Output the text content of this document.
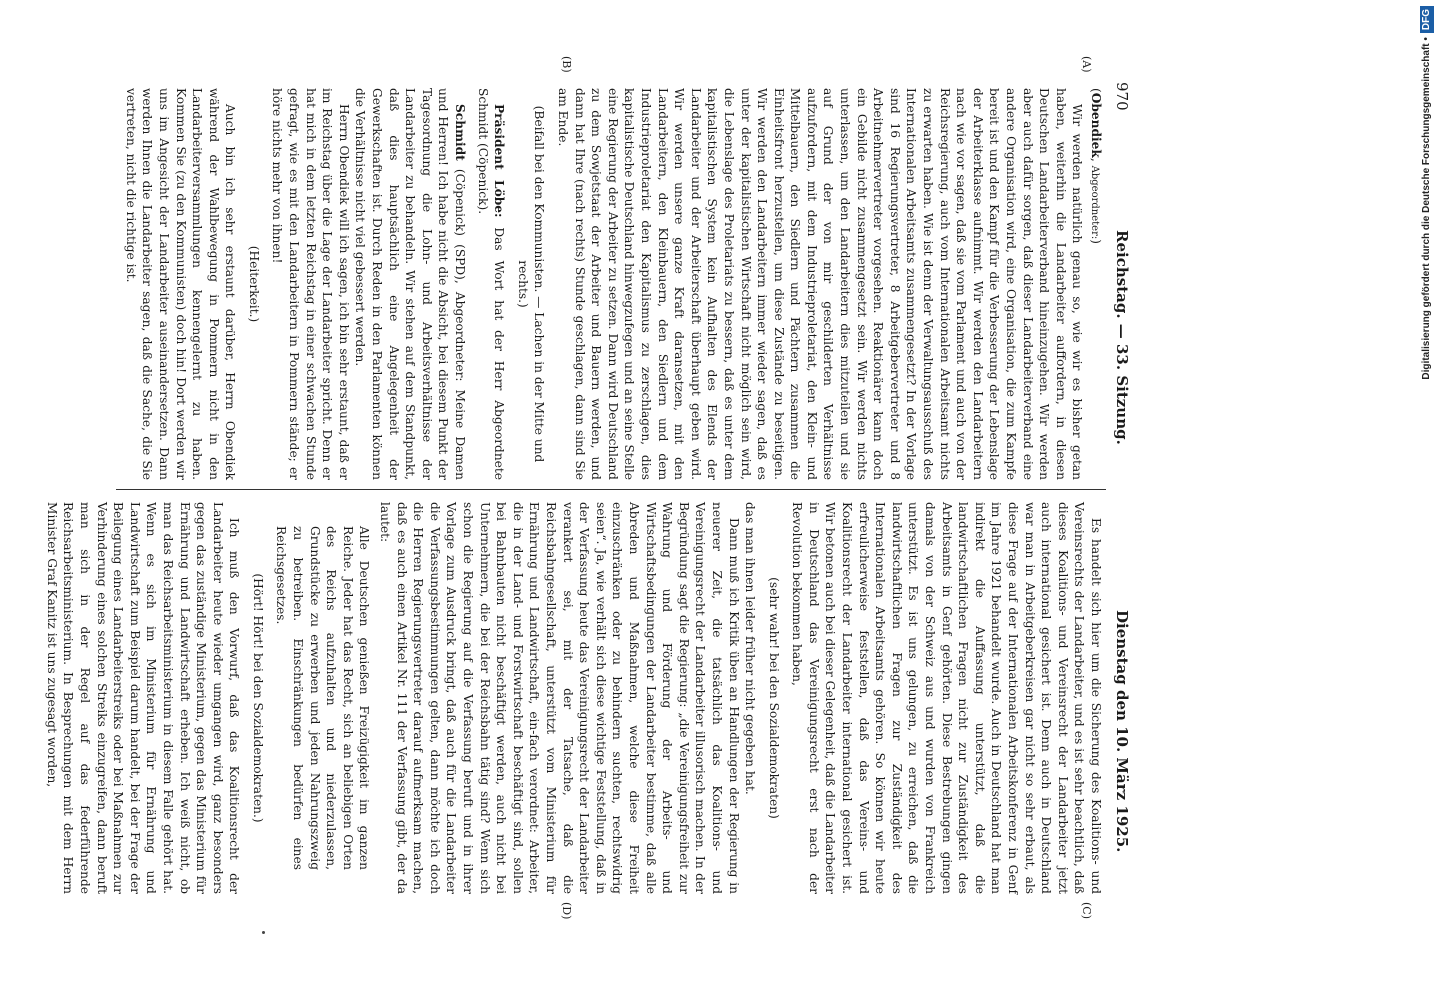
970
Reichstag. — 33. Sitzung.
Dienstag den 10. März 1925.
(A)
(B)
(C)
(D)

(Obendiek, Abgeordneter:)

Wir werden natürlich genau so, wie wir es bisher getan haben, weiterhin die Landarbeiter auffordern, in diesen Deutschen Landarbeiterverband hineinzugehen. Wir werden aber auch dafür sorgen, daß dieser Landarbeiterverband eine andere Organisation wird, eine Organisation, die zum Kampfe bereit ist und den Kampf für die Verbesserung der Lebenslage der Arbeiterklasse aufnimmt. Wir werden den Landarbeitern nach wie vor sagen, daß sie vom Parlament und auch von der Reichsregierung, auch vom Internationalen Arbeitsamt nichts zu erwarten haben. Wie ist denn der Verwaltungsausschuß des Internationalen Arbeitsamts zusammengesetzt? In der Vorlage sind 16 Regierungsvertreter, 8 Arbeitgebervertreter und 8 Arbeitnehmervertreter vorgesehen. Reaktionärer kann doch ein Gebilde nicht zusammengesetzt sein. Wir werden nichts unterlassen, um den Landarbeitern dies mitzuteilen und sie auf Grund der von mir geschilderten Verhältnisse aufzufordern, mit dem Industrieproletariat, den Klein- und Mittelbauern, den Siedlern und Pächtern zusammen die Einheitsfront herzustellen, um diese Zustände zu beseitigen. Wir werden den Landarbeitern immer wieder sagen, daß es unter der kapitalistischen Wirtschaft nicht möglich sein wird, die Lebenslage des Proletariats zu bessern, daß es unter dem kapitalistischen System kein Aufhalten des Elends der Landarbeiter und der Arbeiterschaft überhaupt geben wird. Wir werden unsere ganze Kraft daransetzen, mit den Landarbeitern, den Kleinbauern, den Siedlern und dem Industrieproletariat den Kapitalismus zu zerschlagen, dies kapitalistische Deutschland hinwegzufegen und an seine Stelle eine Regierung der Arbeiter zu setzen. Dann wird Deutschland zu dem Sowjetstaat der Arbeiter und Bauern werden, und dann hat Ihre (nach rechts) Stunde geschlagen, dann sind Sie am Ende.

(Beifall bei den Kommunisten. — Lachen in der Mitte und rechts.)

Präsident Löbe: Das Wort hat der Herr Abgeordnete Schmidt (Cöpenick).

Schmidt (Cöpenick) (SPD), Abgeordneter: Meine Damen und Herren! Ich habe nicht die Absicht, bei diesem Punkt der Tagesordnung die Lohn- und Arbeitsverhältnisse der Landarbeiter zu behandeln. Wir stehen auf dem Standpunkt, daß dies hauptsächlich eine Angelegenheit der Gewerkschaften ist. Durch Reden in den Parlamenten können die Verhältnisse nicht viel gebessert werden.

Herrn Obendiek will ich sagen, ich bin sehr erstaunt, daß er im Reichstag über die Lage der Landarbeiter spricht. Denn er hat mich in dem letzten Reichstag in einer schwachen Stunde gefragt, wie es mit den Landarbeitern in Pommern stände; er höre nichts mehr von ihnen!

(Heiterkeit.)

Auch bin ich sehr erstaunt darüber, Herrn Obendiek während der Wahlbewegung in Pommern nicht in den Landarbeiterversammlungen kennengelernt zu haben. Kommen Sie (zu den Kommunisten) doch hin! Dort werden wir uns im Angesicht der Landarbeiter auseinandersetzen. Dann werden Ihnen die Landarbeiter sagen, daß die Sache, die Sie vertreten, nicht die richtige ist.

Es handelt sich hier um die Sicherung des Koalitions- und Vereinsrechts der Landarbeiter, und es ist sehr beachtlich, daß dieses Koalitions- und Vereinsrecht der Landarbeiter jetzt auch international gesichert ist. Denn auch in Deutschland war man in Arbeitgeberkreisen gar nicht so sehr erbaut, als diese Frage auf der Internationalen Arbeitskonferenz in Genf im Jahre 1921 behandelt wurde. Auch in Deutschland hat man indirekt die Auffassung unterstützt, daß die landwirtschaftlichen Fragen nicht zur Zuständigkeit des Arbeitsamts in Genf gehörten. Diese Bestrebungen gingen damals von der Schweiz aus und wurden von Frankreich unterstützt. Es ist uns gelungen, zu erreichen, daß die landwirtschaftlichen Fragen zur Zuständigkeit des Internationalen Arbeitsamts gehören. So können wir heute erfreulicherweise feststellen, daß das Vereins- und Koalitionsrecht der Landarbeiter international gesichert ist. Wir betonen auch bei dieser Gelegenheit, daß die Landarbeiter in Deutschland das Vereinigungsrecht erst nach der Revolution bekommen haben,

(sehr wahr! bei den Sozialdemokraten)

das man ihnen leider früher nicht gegeben hat.

Dann muß ich Kritik üben an Handlungen der Regierung in neuerer Zeit, die tatsächlich das Koalitions- und Vereinigungsrecht der Landarbeiter illusorisch machen. In der Begründung sagt die Regierung: „die Vereinigungsfreiheit zur Wahrung und Förderung der Arbeits- und Wirtschaftsbedingungen der Landarbeiter bestimme, daß alle Abreden und Maßnahmen, welche diese Freiheit einzuschränken oder zu behindern suchten, rechtswidrig seien“. Ja, wie verhält sich diese wichtige Feststellung, daß in der Verfassung heute das Vereinigungsrecht der Landarbeiter verankert sei, mit der Tatsache, daß die Reichsbahngesellschaft, unterstützt vom Ministerium für Ernährung und Landwirtschaft, ein-fach verordnet: Arbeiter, die in der Land- und Forstwirtschaft beschäftigt sind, sollen bei Bahnbauten nicht beschäftigt werden, auch nicht bei Unternehmern, die bei der Reichsbahn tätig sind? Wenn sich schon die Regierung auf die Verfassung beruft und in ihrer Vorlage zum Ausdruck bringt, daß auch für die Landarbeiter die Verfassungsbestimmungen gelten, dann möchte ich doch die Herren Regierungsvertreter darauf aufmerksam machen, daß es auch einen Artikel Nr. 111 der Verfassung gibt, der da lautet:

Alle Deutschen genießen Freizügigkeit im ganzen Reiche. Jeder hat das Recht, sich an beliebigen Orten des Reichs aufzuhalten und niederzulassen, Grundstücke zu erwerben und jeden Nahrungszweig zu betreiben. Einschränkungen bedürfen eines Reichsgesetzes.

(Hört! Hört! bei den Sozialdemokraten.)

Ich muß den Vorwurf, daß das Koalitionsrecht der Landarbeiter heute wieder umgangen wird, ganz besonders gegen das zuständige Ministerium, gegen das Ministerium für Ernährung und Landwirtschaft erheben. Ich weiß nicht, ob man das Reichsarbeitsministerium in diesem Falle gehört hat. Wenn es sich im Ministerium für Ernährung und Landwirtschaft zum Beispiel darum handelt, bei der Frage der Beilegung eines Landarbeiterstreiks oder bei Maßnahmen zur Verhinderung eines solchen Streiks einzugreifen, dann beruft man sich in der Regel auf das federführende Reichsarbeitsministerium. In Besprechungen mit dem Herrn Minister Graf Kanitz ist uns zugesagt worden,

Digitalisierung gefördert durch die Deutsche Forschungsgemeinschaft •DFG
